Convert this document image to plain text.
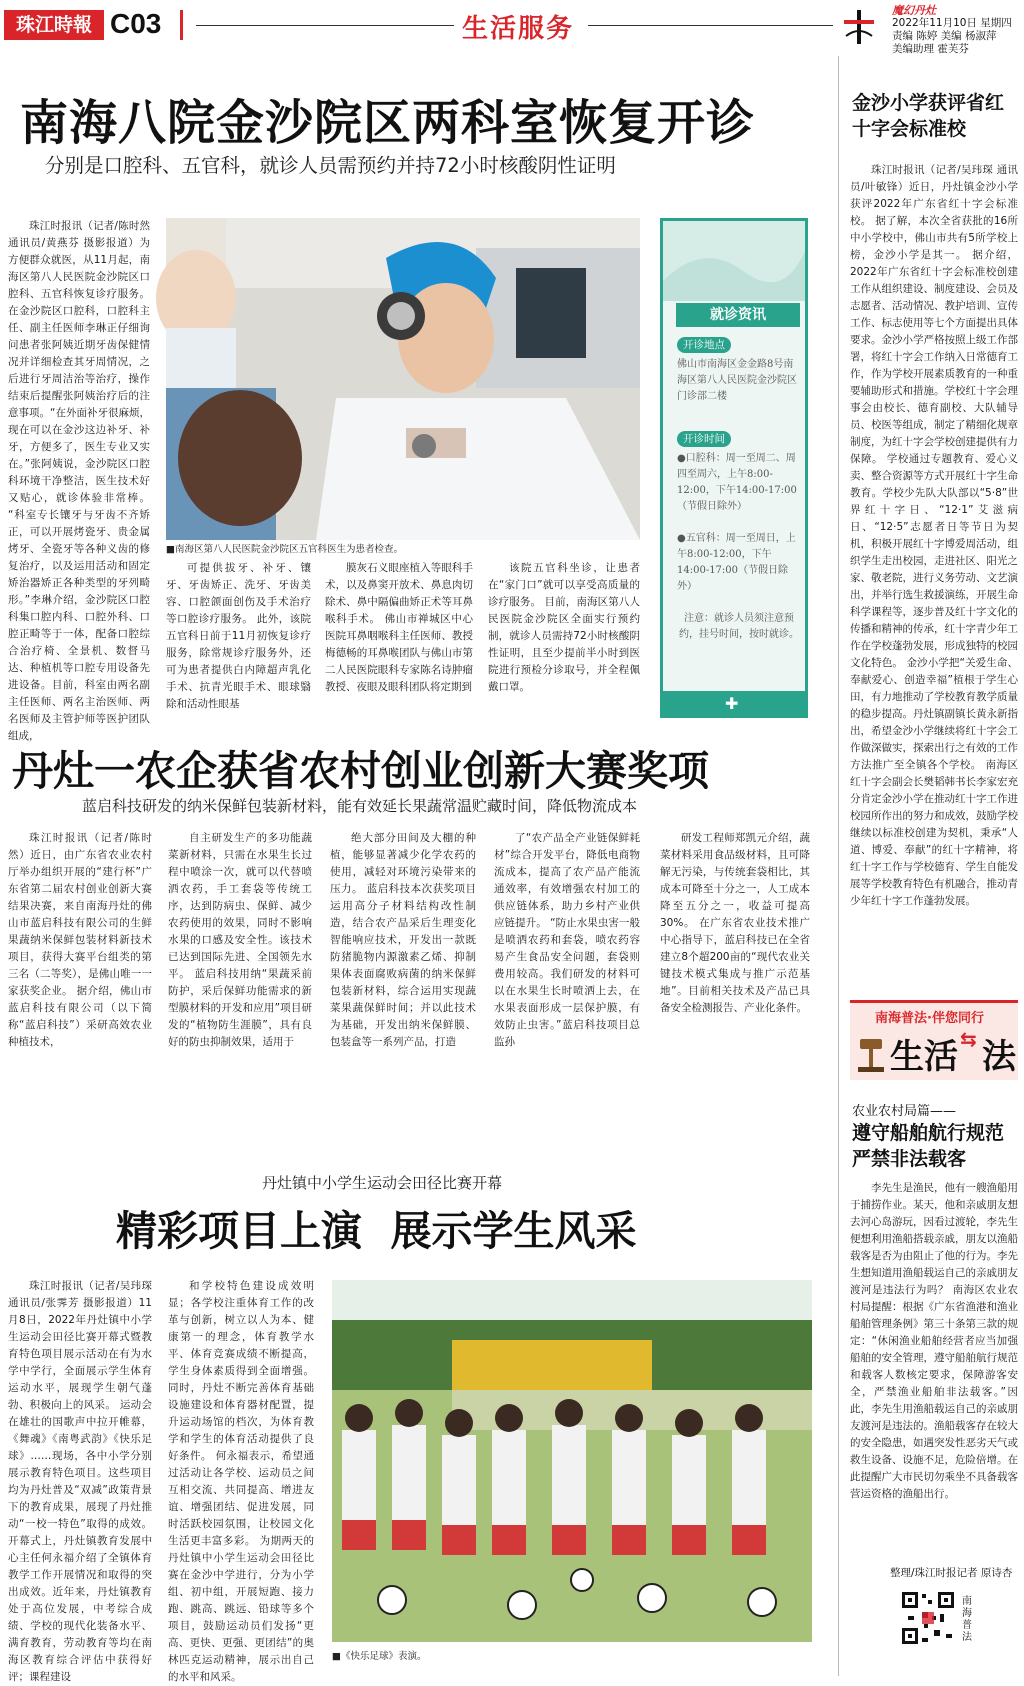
珠江時報 C03	生活服务
魔幻丹灶
2022年11月10日 星期四
责编 陈婷 美编 杨淑萍
美编助理 霍芙芬
南海八院金沙院区两科室恢复开诊
分别是口腔科、五官科，就诊人员需预约并持72小时核酸阴性证明

珠江时报讯（记者/陈时然 通讯员/黄燕芬 摄影报道）为方便群众就医，从11月起，南海区第八人民医院金沙院区口腔科、五官科恢复诊疗服务。 在金沙院区口腔科，口腔科主任、副主任医师李琳正仔细询问患者张阿姨近期牙齿保健情况并详细检查其牙周情况，之后进行牙周洁治等治疗，操作结束后提醒张阿姨治疗后的注意事项。“在外面补牙很麻烦，现在可以在金沙这边补牙、补牙，方便多了，医生专业又实在。”张阿姨说，金沙院区口腔科环境干净整洁，医生技术好又贴心，就诊体验非常棒。 “科室专长镶牙与牙齿不齐矫正，可以开展烤瓷牙、贵金属烤牙、全瓷牙等各种义齿的修复治疗，以及运用活动和固定矫治器矫正各种类型的牙列畸形。”李琳介绍，金沙院区口腔科集口腔内科、口腔外科、口腔正畸等于一体，配备口腔综合治疗椅、全景机、数督马达、种植机等口腔专用设备先进设备。目前，科室由两名副主任医师、两名主治医师、两名医师及主管护师等医护团队组成，

■南海区第八人民医院金沙院区五官科医生为患者检查。

可提供拔牙、补牙、镶牙、牙齿矫正、洗牙、牙齿美容、口腔颌面创伤及手术治疗等口腔诊疗服务。 此外，该院五官科日前于11月初恢复诊疗服务，除常规诊疗服务外，还可为患者提供白内障超声乳化手术、抗青光眼手术、眼球翳除和活动性眼基

膜灰石义眼座植入等眼科手术，以及鼻窦开放术、鼻息肉切除术、鼻中隔偏曲矫正术等耳鼻喉科手术。 佛山市禅城区中心医院耳鼻咽喉科主任医师、教授梅德畅的耳鼻喉团队与佛山市第二人民医院眼科专家陈名诗肿瘤教授、夜眼及眼科团队将定期到

该院五官科坐诊，让患者在“家门口”就可以享受高质量的诊疗服务。 目前，南海区第八人民医院金沙院区全面实行预约制，就诊人员需持72小时核酸阴性证明，且至少提前半小时到医院进行预检分诊取号，并全程佩戴口罩。

就诊资讯
开诊地点
佛山市南海区金金路8号南海区第八人民医院金沙院区门诊部二楼
开诊时间
●口腔科：周一至周二、周四至周六，上午8:00-12:00，下午14:00-17:00（节假日除外）
●五官科：周一至周日，上午8:00-12:00，下午14:00-17:00（节假日除外）
注意：就诊人员须注意预约，挂号时间，按时就诊。
✚
丹灶一农企获省农村创业创新大赛奖项
蓝启科技研发的纳米保鲜包装新材料，能有效延长果蔬常温贮藏时间，降低物流成本

珠江时报讯（记者/陈时然）近日，由广东省农业农村厅举办组织开展的“建行杯”广东省第二届农村创业创新大赛结果决赛，来自南海丹灶的佛山市蓝启科技有限公司的生鲜果蔬纳米保鲜包装材料新技术项目，获得大赛平台组类的第三名（二等奖），是佛山唯一一家获奖企业。 据介绍，佛山市蓝启科技有限公司（以下简称“蓝启科技”）采研高效农业种植技术，

自主研发生产的多功能蔬菜新材料，只需在水果生长过程中喷涂一次，就可以代替喷洒农药，手工套袋等传统工序，达到防病虫、保鲜、减少农药使用的效果，同时不影响水果的口感及安全性。该技术已达到国际先进、全国领先水平。 蓝启科技用纳“果蔬采前防护，采后保鲜功能需求的新型膜材料的开发和应用”项目研发的“植物防生涯膜”，具有良好的防虫抑制效果，适用于

绝大部分田间及大棚的种植，能够显著减少化学农药的使用，减轻对环境污染带来的压力。 蓝启科技本次获奖项目运用高分子材料结构改性制造，结合农产品采后生理变化智能响应技术，开发出一款既防猪脆物内源激素乙烯、抑制果体表面腐败病菌的纳米保鲜包装新材料，综合运用实现蔬菜果蔬保鲜时间；并以此技术为基础，开发出纳米保鲜膜、包装盒等一系列产品，打造

了“农产品全产业链保鲜耗材”综合开发平台，降低电商物流成本，提高了农产品产能流通效率，有效增强农村加工的供应链体系，助力乡村产业供应链提升。 “防止水果虫害一般是喷洒农药和套袋，喷农药容易产生食品安全问题，套袋则费用较高。我们研发的材料可以在水果生长时喷洒上去，在水果表面形成一层保护膜，有效防止虫害。”蓝启科技项目总监孙

研发工程师郑凯元介绍，蔬菜材料采用食品级材料，且可降解无污染，与传统套袋相比，其成本可降至十分之一，人工成本降至五分之一，收益可提高30%。 在广东省农业技术推广中心指导下，蓝启科技已在全省建立8个超200亩的“现代农业关键技术模式集成与推广示范基地”。目前相关技术及产品已具备安全检测报告、产业化条件。

丹灶镇中小学生运动会田径比赛开幕
精彩项目上演  展示学生风采

珠江时报讯（记者/吴玮琛 通讯员/张霁芳 摄影报道）11月8日，2022年丹灶镇中小学生运动会田径比赛开幕式暨教育特色项目展示活动在有为水学中学行，全面展示学生体育运动水平，展现学生朝气蓬勃、积极向上的风采。 运动会在雄壮的国歌声中拉开帷幕，《舞魂》《南粤武韵》《快乐足球》……现场，各中小学分别展示教育特色项目。这些项目均为丹灶普及“双减”政策背景下的教育成果，展现了丹灶推动“一校一特色”取得的成效。 开幕式上，丹灶镇教育发展中心主任何永福介绍了全镇体育教学工作开展情况和取得的突出成效。近年来，丹灶镇教育处于高位发展，中考综合成绩、学校的现代化装备水平、满育教育，劳动教育等均在南海区教育综合评估中获得好评；课程建设

和学校特色建设成效明显；各学校注重体育工作的改革与创新，树立以人为本、健康第一的理念，体育教学水平、体育竞赛成绩不断提高，学生身体素质得到全面增强。同时，丹灶不断完善体育基础设施建设和体育器材配置，提升运动场馆的档次，为体育教学和学生的体育活动提供了良好条件。 何永福表示，希望通过活动让各学校、运动员之间互相交流、共同提高、增进友谊、增强团结、促进发展，同时活跃校园氛围，让校园文化生活更丰富多彩。 为期两天的丹灶镇中小学生运动会田径比赛在金沙中学进行，分为小学组、初中组，开展短跑、接力跑、跳高、跳远、铅球等多个项目，鼓励运动员们发扬“更高、更快、更强、更团结”的奥林匹克运动精神，展示出自己的水平和风采。

■《快乐足球》表演。
金沙小学获评省红十字会标准校

珠江时报讯（记者/吴玮琛 通讯员/叶敏锋）近日，丹灶镇金沙小学获评2022年广东省红十字会标准校。 据了解，本次全省获批的16所中小学校中，佛山市共有5所学校上榜，金沙小学是其一。 据介绍，2022年广东省红十字会标准校创建工作从组织建设、制度建设、会员及志愿者、活动情况、教护培训、宣传工作、标志使用等七个方面提出具体要求。金沙小学严格按照上级工作部署，将红十字会工作纳入日常德育工作，作为学校开展素质教育的一种重要辅助形式和措施。学校红十字会理事会由校长、德育副校、大队辅导员、校医等组成，制定了精细化规章制度，为红十字会学校创建提供有力保障。 学校通过专题教育、爱心义卖、整合资源等方式开展红十字生命教育。学校少先队大队部以“5·8”世界红十字日、“12·1”艾滋病日、“12·5”志愿者日等节日为契机，积极开展红十字博爱周活动，组织学生走出校园，走进社区、阳光之家、敬老院，进行义务劳动、文艺演出，并举行选生救援演练，开展生命科学课程等，逐步普及红十字文化的传播和精神的传承，红十字青少年工作在学校蓬勃发展，形成独特的校园文化特色。 金沙小学把“关爱生命、奉献爱心、创造幸福”植根于学生心田，有力地推动了学校教育教学质量的稳步提高。丹灶镇副镇长黄永新指出，希望金沙小学继续将红十字会工作做深做实，探索出行之有效的工作方法推广至全镇各个学校。 南海区红十字会副会长樊韬韩书长李家宏充分肯定金沙小学在推动红十字工作进校园所作出的努力和成效，鼓励学校继续以标准校创建为契机，秉承“人道、博爱、奉献”的红十字精神，将红十字工作与学校德育、学生自能发展等学校教育特色有机融合，推动青少年红十字工作蓬勃发展。

南海普法·伴您同行
生活 ⇆ 法
农业农村局篇——
遵守船舶航行规范 严禁非法载客

李先生是渔民，他有一艘渔船用于捕捞作业。某天，他和亲戚朋友想去河心岛游玩，因看过渡轮，李先生便想利用渔船搭载亲戚，朋友以渔船载客是否为由阻止了他的行为。李先生想知道用渔船载运自己的亲戚朋友渡河是违法行为吗？ 南海区农业农村局提醒：根据《广东省渔港和渔业船舶管理条例》第三十条第三款的规定：“休闲渔业船舶经营者应当加强船舶的安全管理，遵守船舶航行规范和载客人数核定要求，保障游客安全，严禁渔业船舶非法载客。”因此，李先生用渔船载运自己的亲戚朋友渡河是违法的。渔船载客存在较大的安全隐患，如遇突发性恶劣天气或救生设备、设施不足，危险倍增。在此提醒广大市民切勿乘坐不具备载客营运资格的渔船出行。

整理/珠江时报记者 原诗杏
南海普法
